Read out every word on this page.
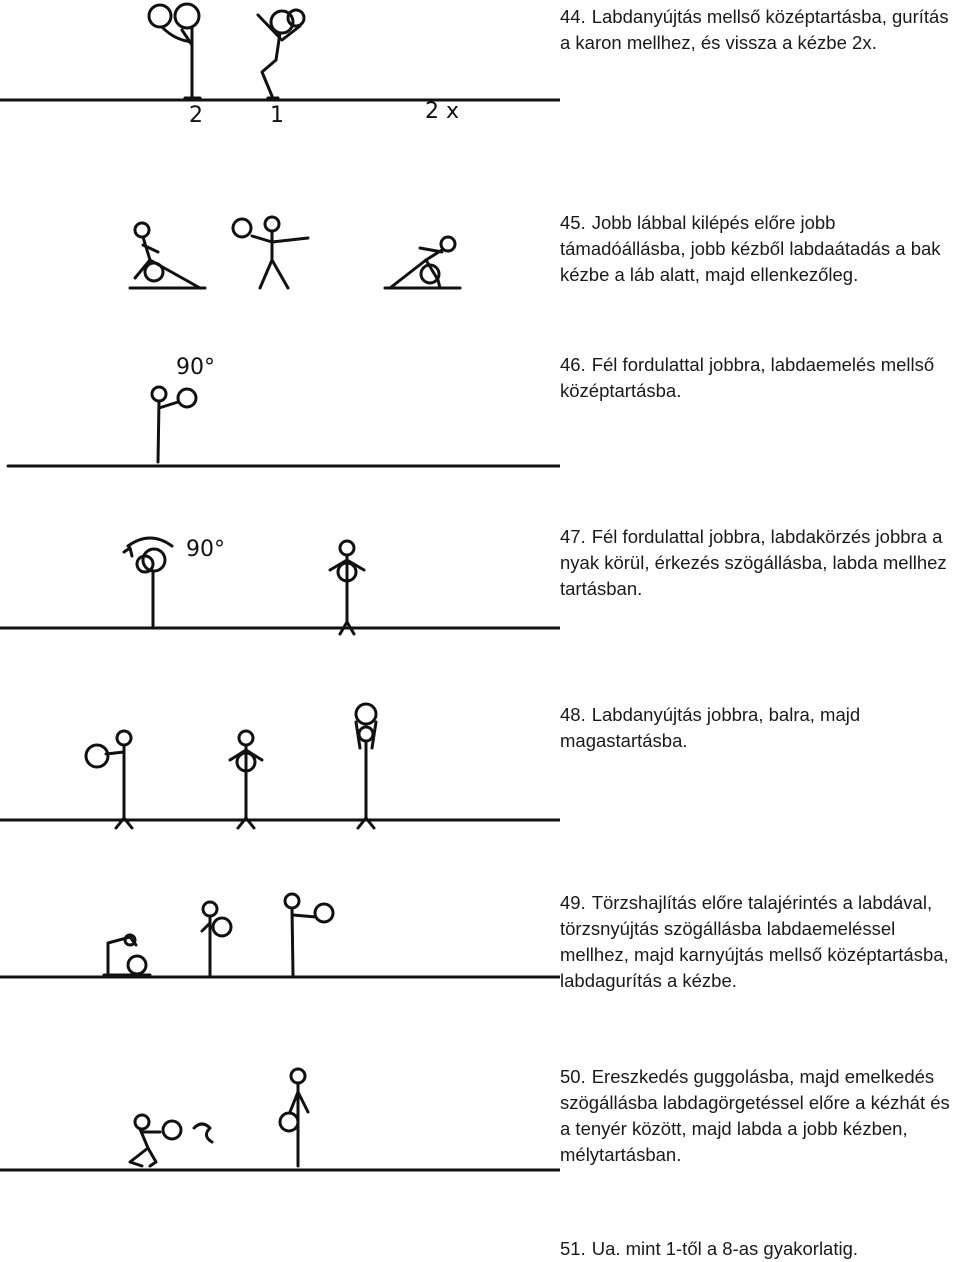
2	1	2 x
44. Labdanyújtás mellső középtartásba, gurítás a karon mellhez, és vissza a kézbe 2x.
45. Jobb lábbal kilépés előre jobb támadóállásba, jobb kézből labdaátadás a bak kézbe a láb alatt, majd ellenkezőleg.
90°	46. Fél fordulattal jobbra, labdaemelés mellső középtartásba.
90°
47. Fél fordulattal jobbra, labdakörzés jobbra a nyak körül, érkezés szögállásba, labda mellhez tartásban.
48. Labdanyújtás jobbra, balra, majd magastartásba.
49. Törzshajlítás előre talajérintés a labdával, törzsnyújtás szögállásba labdaemeléssel mellhez, majd karnyújtás mellső középtartásba, labdagurítás a kézbe.
50. Ereszkedés guggolásba, majd emelkedés szögállásba labdagörgetéssel előre a kézhát és a tenyér között, majd labda a jobb kézben, mélytartásban.
51. Ua. mint 1-től a 8-as gyakorlatig.
